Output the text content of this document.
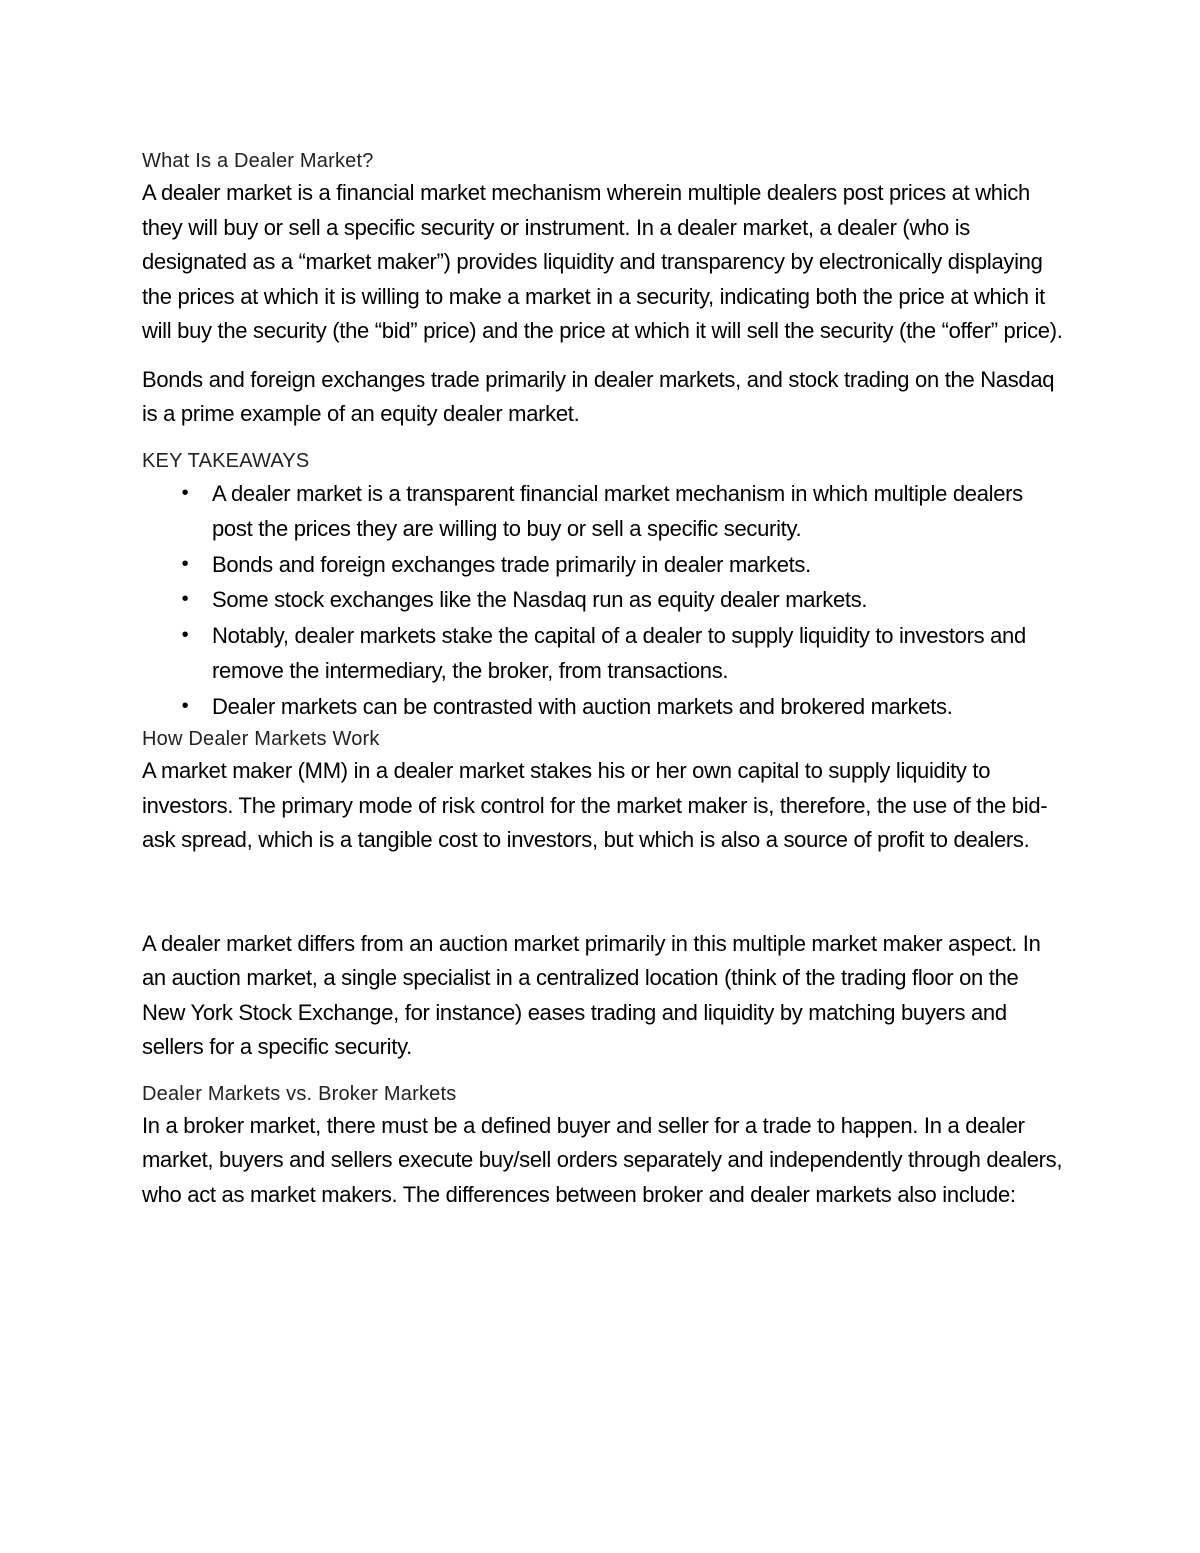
What Is a Dealer Market?

A dealer market is a financial market mechanism wherein multiple dealers post prices at which they will buy or sell a specific security or instrument. In a dealer market, a dealer (who is designated as a “market maker”) provides liquidity and transparency by electronically displaying the prices at which it is willing to make a market in a security, indicating both the price at which it will buy the security (the “bid” price) and the price at which it will sell the security (the “offer” price).

Bonds and foreign exchanges trade primarily in dealer markets, and stock trading on the Nasdaq is a prime example of an equity dealer market.

KEY TAKEAWAYS

•	A dealer market is a transparent financial market mechanism in which multiple dealers post the prices they are willing to buy or sell a specific security.
•	Bonds and foreign exchanges trade primarily in dealer markets.
•	Some stock exchanges like the Nasdaq run as equity dealer markets.
•	Notably, dealer markets stake the capital of a dealer to supply liquidity to investors and remove the intermediary, the broker, from transactions.
•	Dealer markets can be contrasted with auction markets and brokered markets.

How Dealer Markets Work

A market maker (MM) in a dealer market stakes his or her own capital to supply liquidity to investors. The primary mode of risk control for the market maker is, therefore, the use of the bid-ask spread, which is a tangible cost to investors, but which is also a source of profit to dealers.

A dealer market differs from an auction market primarily in this multiple market maker aspect. In an auction market, a single specialist in a centralized location (think of the trading floor on the New York Stock Exchange, for instance) eases trading and liquidity by matching buyers and sellers for a specific security.

Dealer Markets vs. Broker Markets

In a broker market, there must be a defined buyer and seller for a trade to happen. In a dealer market, buyers and sellers execute buy/sell orders separately and independently through dealers, who act as market makers. The differences between broker and dealer markets also include:
